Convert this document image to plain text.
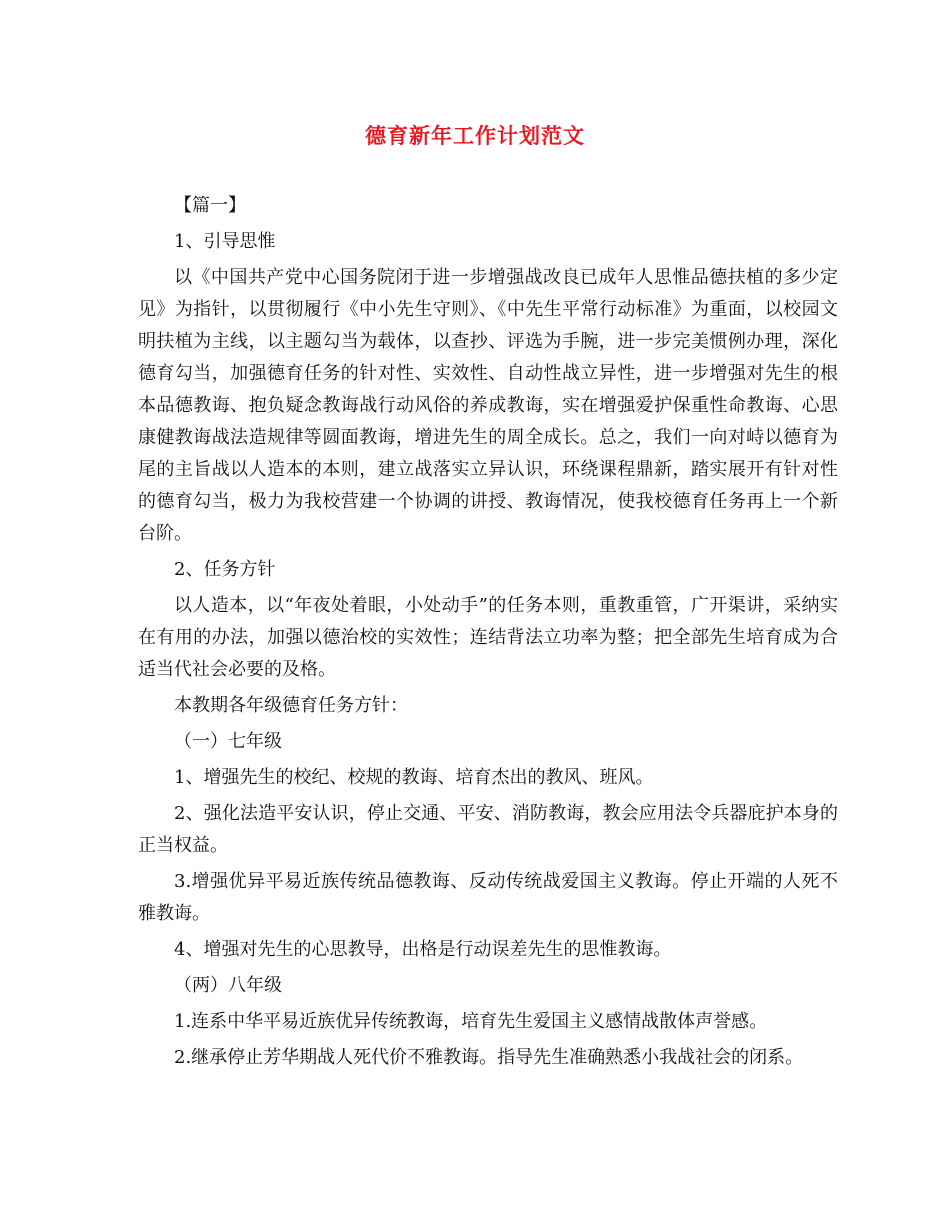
德育新年工作计划范文

【篇一】

1、引导思惟

以《中国共产党中心国务院闭于进一步增强战改良已成年人思惟品德扶植的多少定见》为指针，以贯彻履行《中小先生守则》、《中先生平常行动标准》为重面，以校园文明扶植为主线，以主题勾当为载体，以查抄、评选为手腕，进一步完美惯例办理，深化德育勾当，加强德育任务的针对性、实效性、自动性战立异性，进一步增强对先生的根本品德教诲、抱负疑念教诲战行动风俗的养成教诲，实在增强爱护保重性命教诲、心思康健教诲战法造规律等圆面教诲，增进先生的周全成长。总之，我们一向对峙以德育为尾的主旨战以人造本的本则，建立战落实立异认识，环绕课程鼎新，踏实展开有针对性的德育勾当，极力为我校营建一个协调的讲授、教诲情况，使我校德育任务再上一个新台阶。

2、任务方针

以人造本，以“年夜处着眼，小处动手”的任务本则，重教重管，广开渠讲，采纳实在有用的办法，加强以德治校的实效性；连结背法立功率为整；把全部先生培育成为合适当代社会必要的及格。

本教期各年级德育任务方针：

（一）七年级

1、增强先生的校纪、校规的教诲、培育杰出的教风、班风。

2、强化法造平安认识，停止交通、平安、消防教诲，教会应用法令兵器庇护本身的正当权益。

3.增强优异平易近族传统品德教诲、反动传统战爱国主义教诲。停止开端的人死不雅教诲。

4、增强对先生的心思教导，出格是行动误差先生的思惟教诲。

（两）八年级

1.连系中华平易近族优异传统教诲，培育先生爱国主义感情战散体声誉感。

2.继承停止芳华期战人死代价不雅教诲。指导先生准确熟悉小我战社会的闭系。
